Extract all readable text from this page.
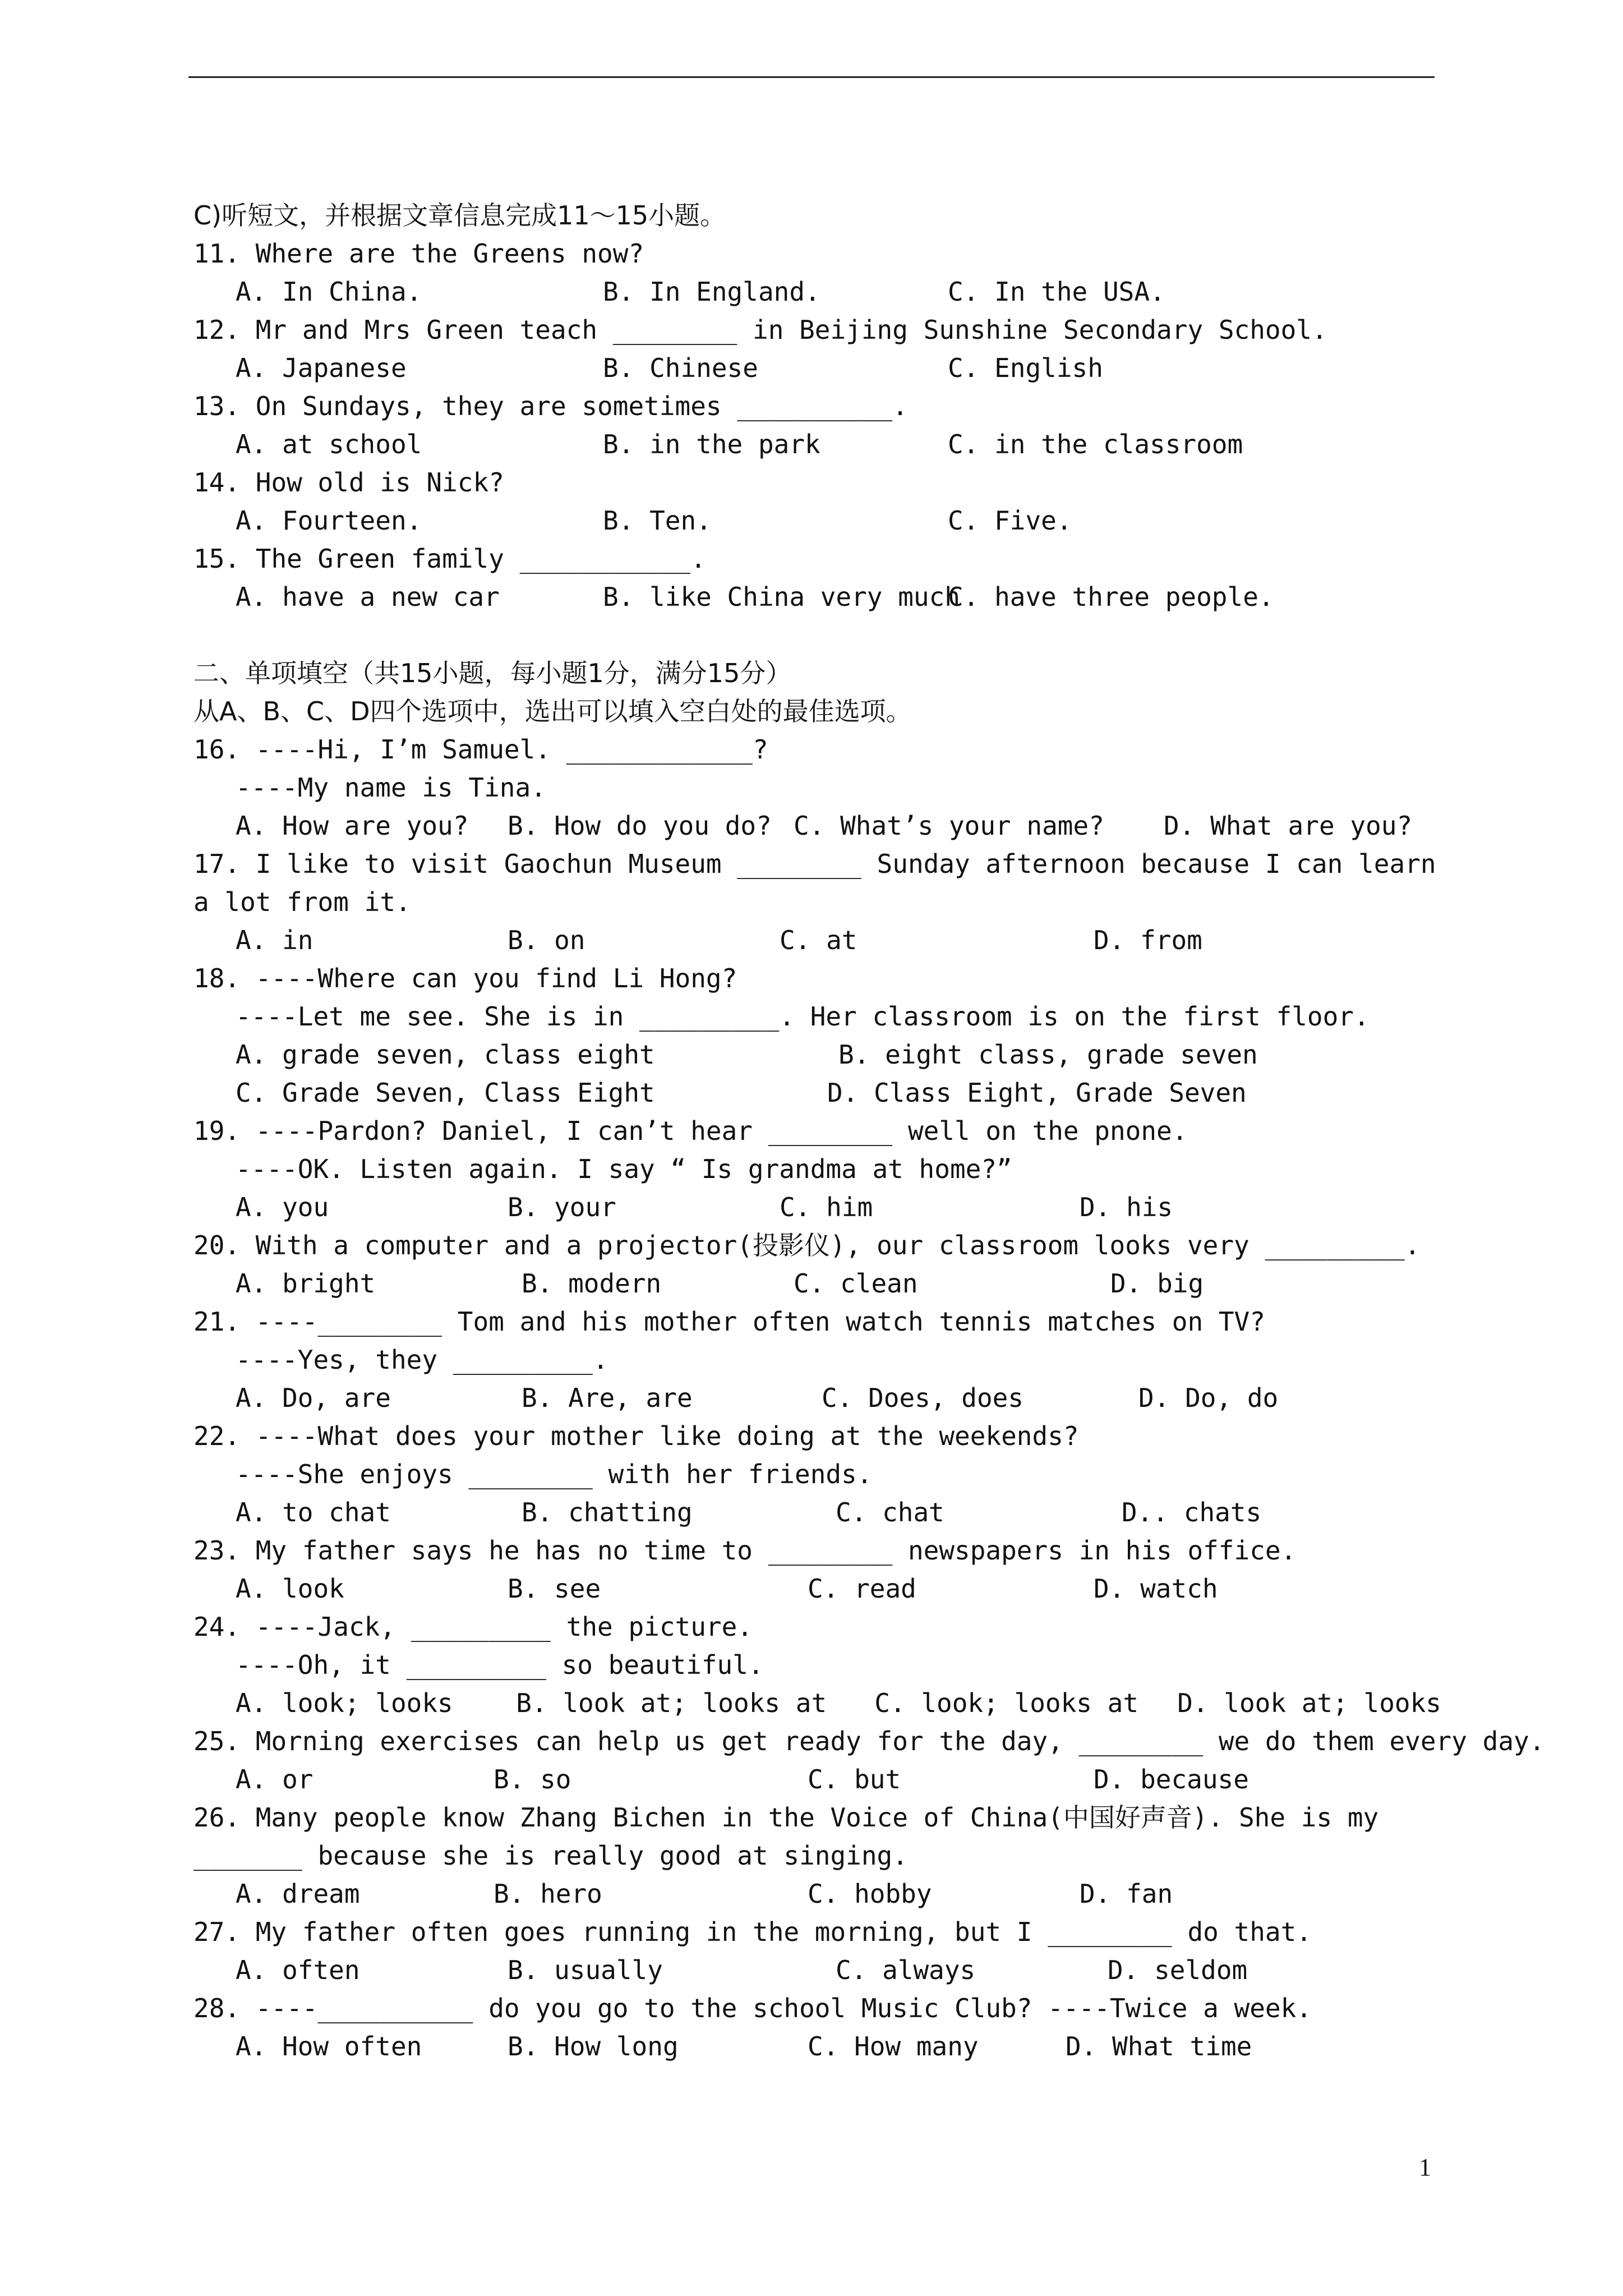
C)听短文，并根据文章信息完成11～15小题。
11. Where are the Greens now?
A. In China.	B. In England.	C. In the USA.
12. Mr and Mrs Green teach ________ in Beijing Sunshine Secondary School.
A. Japanese	B. Chinese	C. English
13. On Sundays, they are sometimes __________.
A. at school	B. in the park	C. in the classroom
14. How old is Nick?
A. Fourteen.	B. Ten.	C. Five.
15. The Green family ___________.
A. have a new car	B. like China very much
C. have three people.
二、单项填空（共15小题，每小题1分，满分15分）
从A、B、C、D四个选项中，选出可以填入空白处的最佳选项。
16. ----Hi, I’m Samuel. ____________?
----My name is Tina.
A. How are you?	B. How do you do? C. What’s your name?	D. What are you?
17. I like to visit Gaochun Museum ________ Sunday afternoon because I can learn a lot from it.
A. in	B. on	C. at	D. from
18. ----Where can you find Li Hong?
----Let me see. She is in _________. Her classroom is on the first floor.
A. grade seven, class eight	B. eight class, grade seven
C. Grade Seven, Class Eight	D. Class Eight, Grade Seven
19. ----Pardon? Daniel, I can’t hear ________ well on the pnone.
----OK. Listen again. I say “ Is grandma at home?”
A. you	B. your	C. him	D. his
20. With a computer and a projector(投影仪), our classroom looks very _________.
A. bright	B. modern	C. clean	D. big
21. ----________ Tom and his mother often watch tennis matches on TV?
----Yes, they _________.
A. Do, are	B. Are, are	C. Does, does	D. Do, do
22. ----What does your mother like doing at the weekends?
----She enjoys ________ with her friends.
A. to chat	B. chatting	C. chat	D.. chats
23. My father says he has no time to ________ newspapers in his office.
A. look	B. see	C. read	D. watch
24. ----Jack, _________ the picture.
----Oh, it _________ so beautiful.
A. look; looks	B. look at; looks at	C. look; looks at	D. look at; looks
25. Morning exercises can help us get ready for the day, ________ we do them every day.
A. or	B. so	C. but	D. because
26. Many people know Zhang Bichen in the Voice of China(中国好声音). She is my _______ because she is really good at singing.
A. dream	B. hero	C. hobby	D. fan
27. My father often goes running in the morning, but I ________ do that.
A. often	B. usually	C. always	D. seldom
28. ----__________ do you go to the school Music Club? ----Twice a week.
A. How often	B. How long	C. How many	D. What time
1
